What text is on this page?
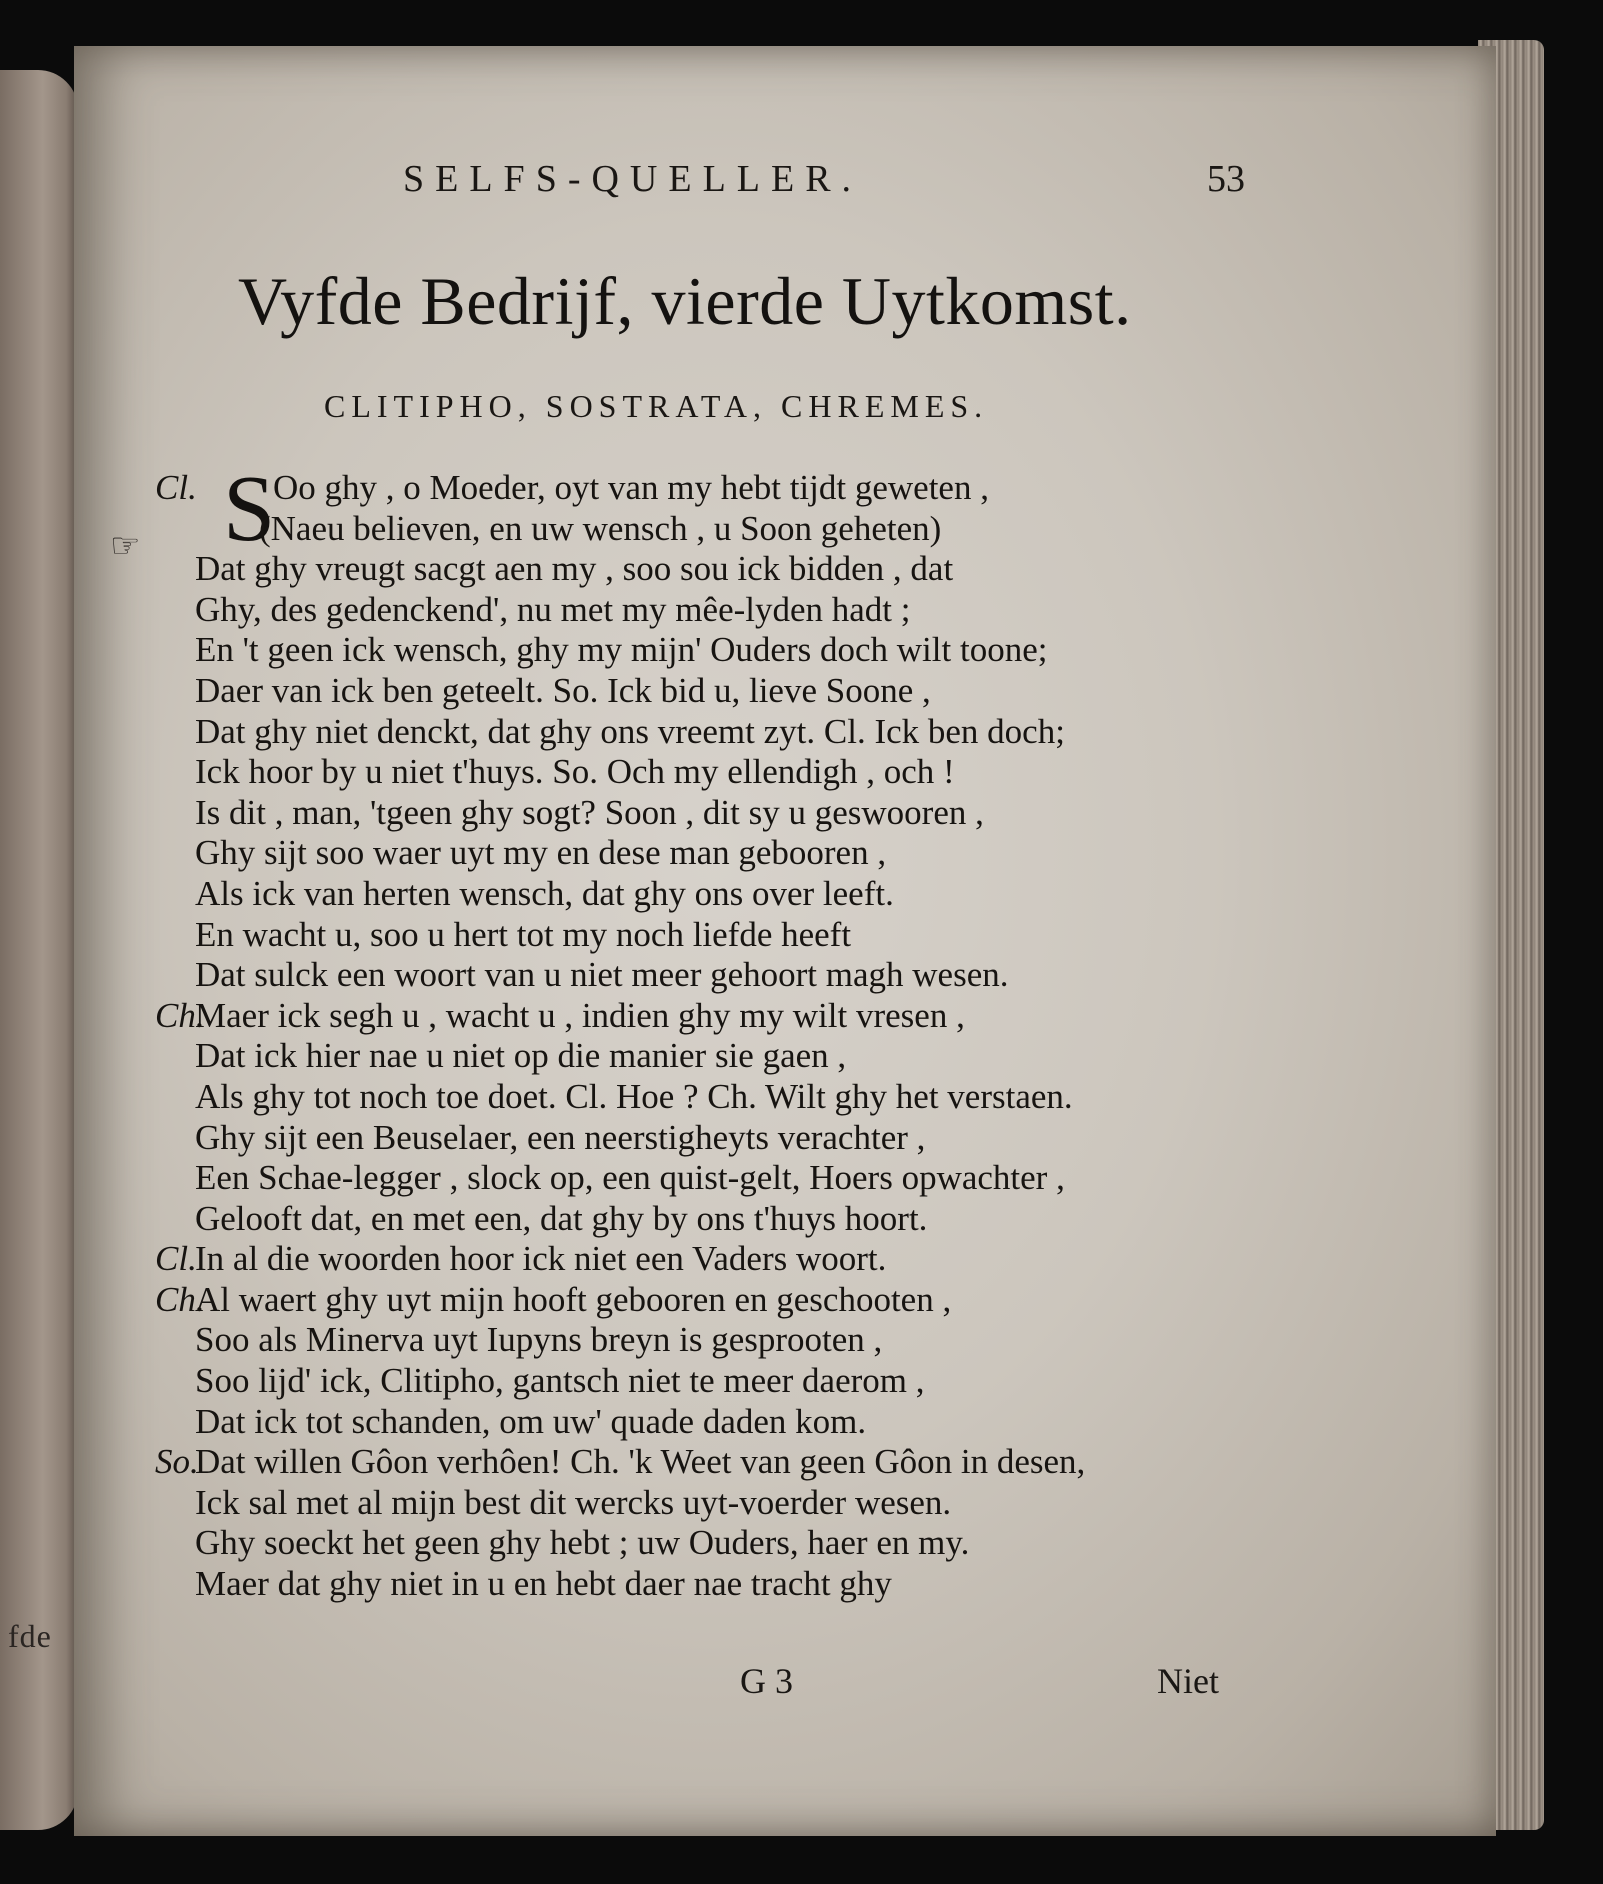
fde
SELFS-QUELLER.	53
Vyfde Bedrijf, vierde Uytkomst.
CLITIPHO, SOSTRATA, CHREMES.
☞ S
Cl. Oo ghy , o Moeder, oyt van my hebt tijdt geweten ,
(Naeu believen, en uw wensch , u Soon geheten)
Dat ghy vreugt sacgt aen my , soo sou ick bidden , dat
Ghy, des gedenckend', nu met my mêe-lyden hadt ;
En 't geen ick wensch, ghy my mijn' Ouders doch wilt toone;
Daer van ick ben geteelt. So. Ick bid u, lieve Soone ,
Dat ghy niet denckt, dat ghy ons vreemt zyt. Cl. Ick ben doch;
Ick hoor by u niet t'huys. So. Och my ellendigh , och !
Is dit , man, 'tgeen ghy sogt? Soon , dit sy u geswooren ,
Ghy sijt soo waer uyt my en dese man gebooren ,
Als ick van herten wensch, dat ghy ons over leeft.
En wacht u, soo u hert tot my noch liefde heeft
Dat sulck een woort van u niet meer gehoort magh wesen.
Ch.
Maer ick segh u , wacht u , indien ghy my wilt vresen ,
Dat ick hier nae u niet op die manier sie gaen ,
Als ghy tot noch toe doet. Cl. Hoe ? Ch. Wilt ghy het verstaen.
Ghy sijt een Beuselaer, een neerstigheyts verachter ,
Een Schae-legger , slock op, een quist-gelt, Hoers opwachter ,
Gelooft dat, en met een, dat ghy by ons t'huys hoort.
Cl.
In al die woorden hoor ick niet een Vaders woort.
Ch.
Al waert ghy uyt mijn hooft gebooren en geschooten ,
Soo als Minerva uyt Iupyns breyn is gesprooten ,
Soo lijd' ick, Clitipho, gantsch niet te meer daerom ,
Dat ick tot schanden, om uw' quade daden kom.
So.
Dat willen Gôon verhôen! Ch. 'k Weet van geen Gôon in desen,
Ick sal met al mijn best dit wercks uyt-voerder wesen.
Ghy soeckt het geen ghy hebt ; uw Ouders, haer en my.
Maer dat ghy niet in u en hebt daer nae tracht ghy
G 3	Niet
